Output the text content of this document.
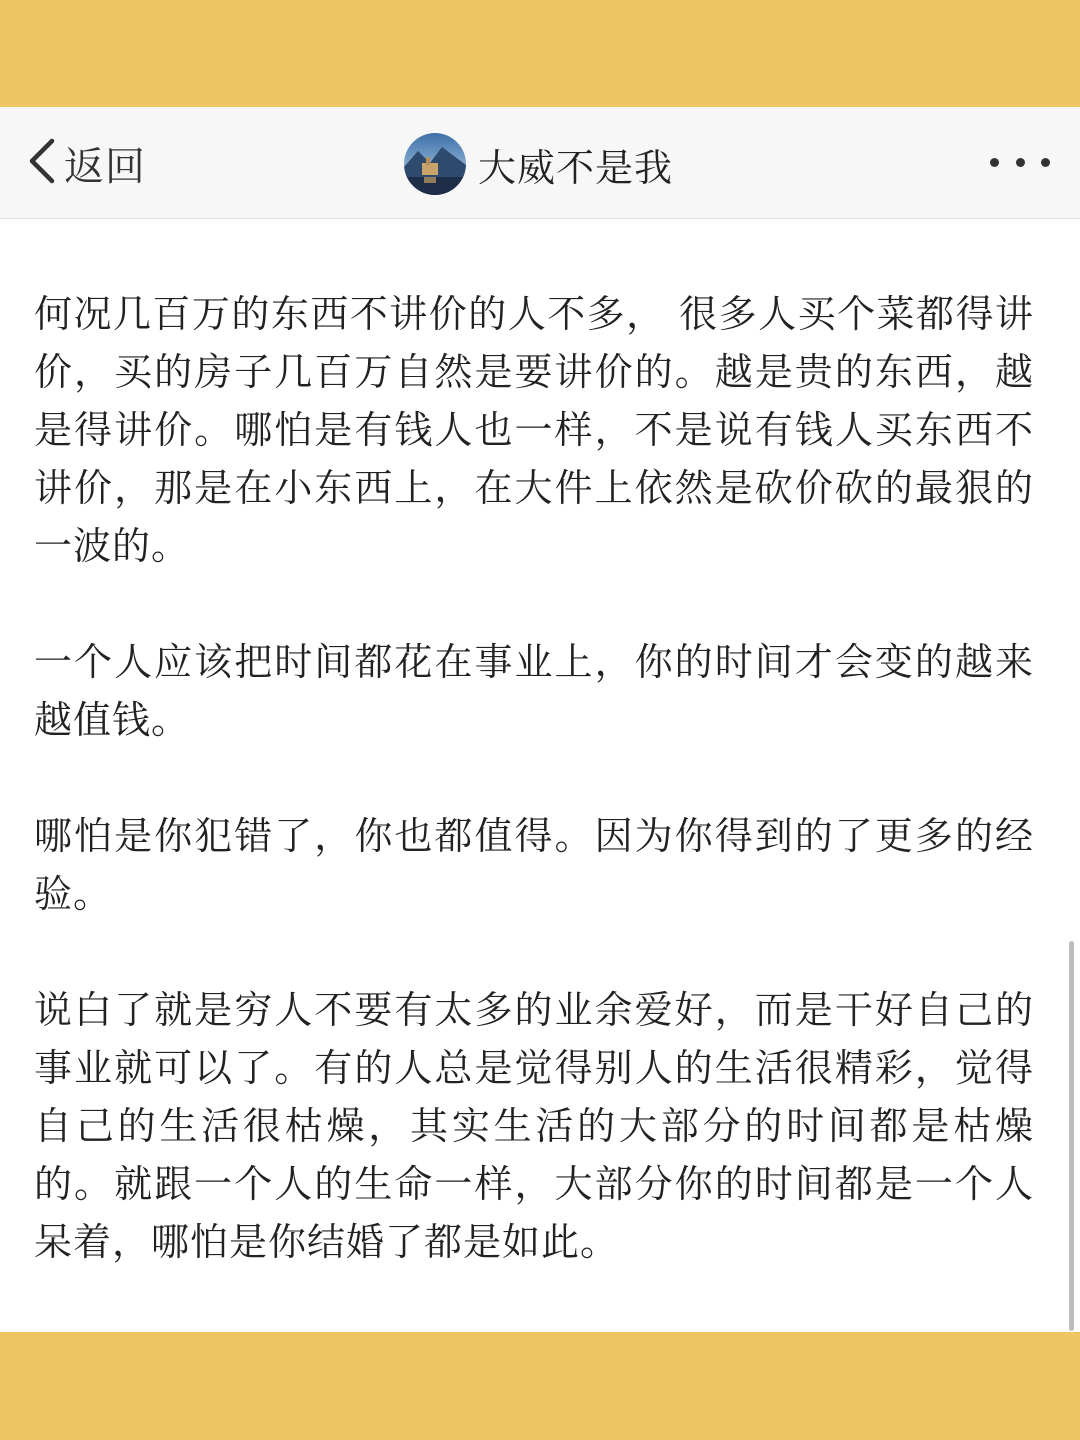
返回	大威不是我

何况几百万的东西不讲价的人不多， 很多人买个菜都得讲价，买的房子几百万自然是要讲价的。越是贵的东西，越是得讲价。哪怕是有钱人也一样，不是说有钱人买东西不讲价，那是在小东西上，在大件上依然是砍价砍的最狠的一波的。

一个人应该把时间都花在事业上，你的时间才会变的越来越值钱。

哪怕是你犯错了，你也都值得。因为你得到的了更多的经验。

说白了就是穷人不要有太多的业余爱好，而是干好自己的事业就可以了。有的人总是觉得别人的生活很精彩，觉得自己的生活很枯燥，其实生活的大部分的时间都是枯燥的。就跟一个人的生命一样，大部分你的时间都是一个人呆着，哪怕是你结婚了都是如此。
